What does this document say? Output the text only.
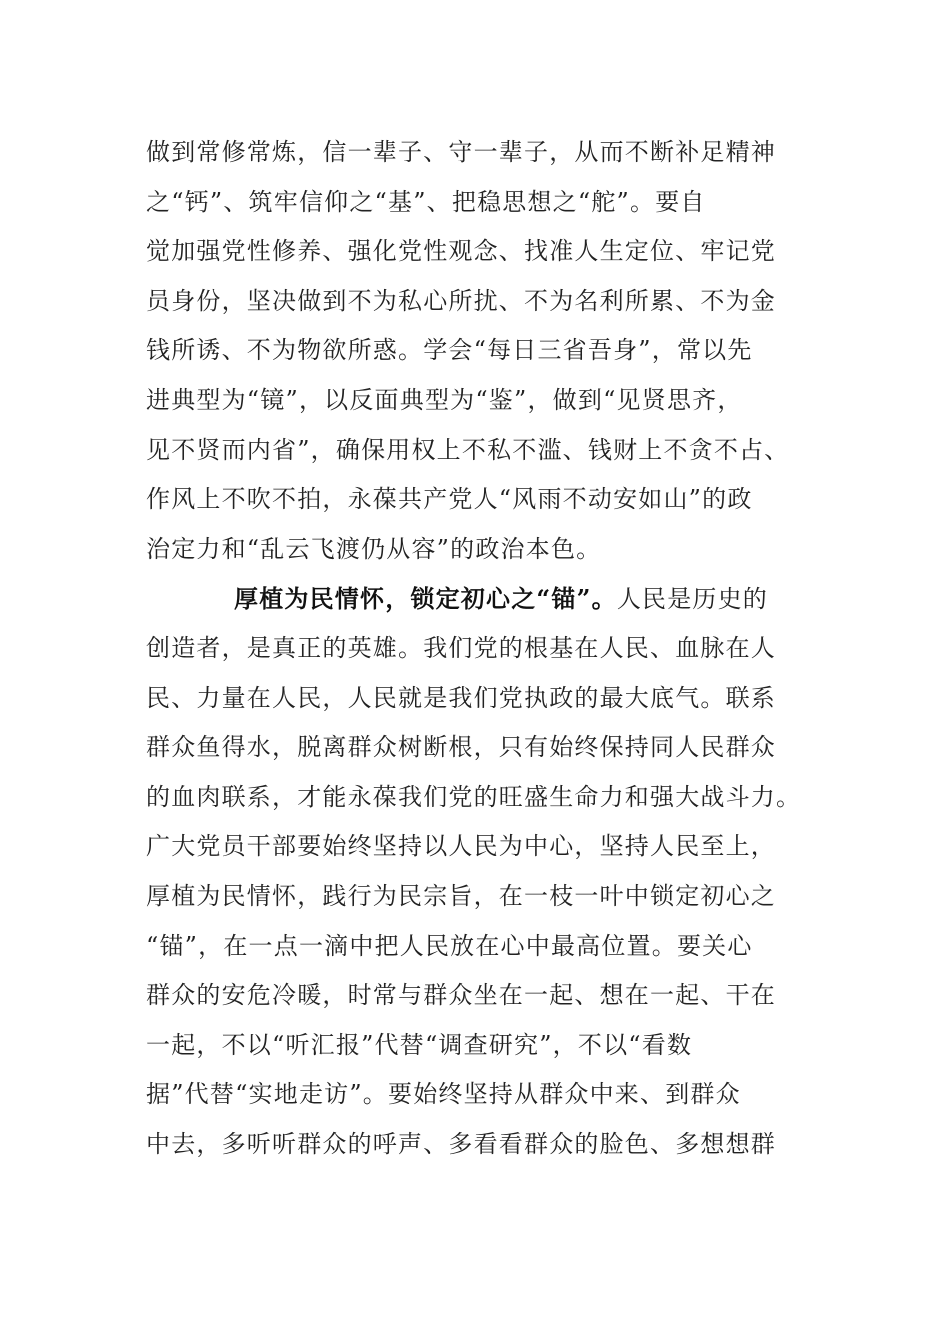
做到常修常炼，信一辈子、守一辈子，从而不断补足精神
之“钙”、筑牢信仰之“基”、把稳思想之“舵”。要自
觉加强党性修养、强化党性观念、找准人生定位、牢记党
员身份，坚决做到不为私心所扰、不为名利所累、不为金
钱所诱、不为物欲所惑。学会“每日三省吾身”，常以先
进典型为“镜”，以反面典型为“鉴”，做到“见贤思齐，
见不贤而内省”，确保用权上不私不滥、钱财上不贪不占、
作风上不吹不拍，永葆共产党人“风雨不动安如山”的政
治定力和“乱云飞渡仍从容”的政治本色。
厚植为民情怀，锁定初心之“锚”。人民是历史的
创造者，是真正的英雄。我们党的根基在人民、血脉在人
民、力量在人民，人民就是我们党执政的最大底气。联系
群众鱼得水，脱离群众树断根，只有始终保持同人民群众
的血肉联系，才能永葆我们党的旺盛生命力和强大战斗力。
广大党员干部要始终坚持以人民为中心，坚持人民至上，
厚植为民情怀，践行为民宗旨，在一枝一叶中锁定初心之
“锚”，在一点一滴中把人民放在心中最高位置。要关心
群众的安危冷暖，时常与群众坐在一起、想在一起、干在
一起，不以“听汇报”代替“调查研究”，不以“看数
据”代替“实地走访”。要始终坚持从群众中来、到群众
中去，多听听群众的呼声、多看看群众的脸色、多想想群
